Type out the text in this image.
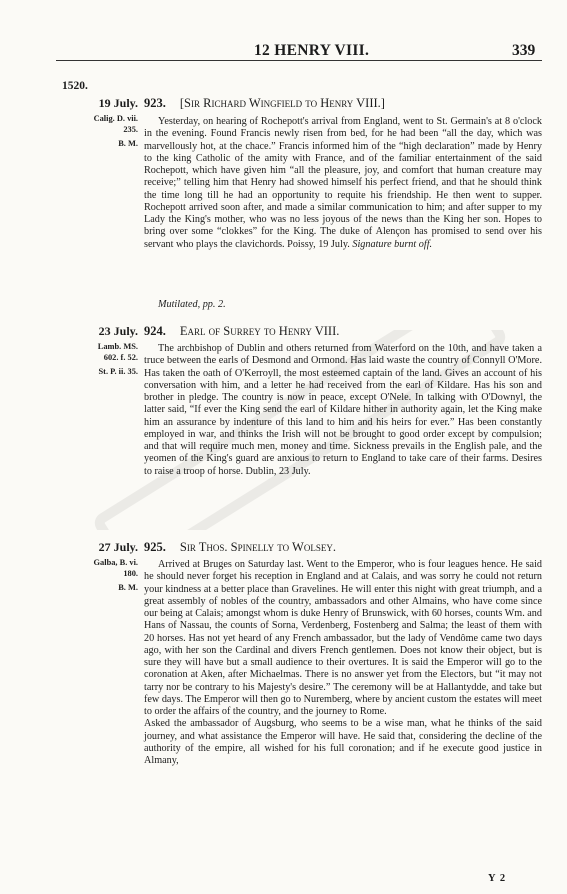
12 HENRY VIII.	339
1520.
19 July.
Calig. D. vii.
235.
B. M.
923. [Sir Richard Wingfield to Henry VIII.]

Yesterday, on hearing of Rochepott's arrival from England, went to St. Germain's at 8 o'clock in the evening. Found Francis newly risen from bed, for he had been “all the day, which was marvellously hot, at the chace.” Francis informed him of the “high declaration” made by Henry to the king Catholic of the amity with France, and of the familiar entertainment of the said Rochepott, which have given him “all the pleasure, joy, and comfort that human creature may receive;” telling him that Henry had showed himself his perfect friend, and that he should think the time long till he had an opportunity to requite his friendship. He then went to supper. Rochepott arrived soon after, and made a similar communication to him; and after supper to my Lady the King's mother, who was no less joyous of the news than the King her son. Hopes to bring over some “clokkes” for the King. The duke of Alençon has promised to send over his servant who plays the clavichords. Poissy, 19 July. Signature burnt off.

Mutilated, pp. 2.
23 July.
Lamb. MS.
602. f. 52.
St. P. ii. 35.
924. Earl of Surrey to Henry VIII.

The archbishop of Dublin and others returned from Waterford on the 10th, and have taken a truce between the earls of Desmond and Ormond. Has laid waste the country of Connyll O'More. Has taken the oath of O'Kerroyll, the most esteemed captain of the land. Gives an account of his conversation with him, and a letter he had received from the earl of Kildare. Has his son and brother in pledge. The country is now in peace, except O'Nele. In talking with O'Downyl, the latter said, “If ever the King send the earl of Kildare hither in authority again, let the King make him an assurance by indenture of this land to him and his heirs for ever.” Has been constantly employed in war, and thinks the Irish will not be brought to good order except by compulsion; and that will require much men, money and time. Sickness prevails in the English pale, and the yeomen of the King's guard are anxious to return to England to take care of their farms. Desires to raise a troop of horse. Dublin, 23 July.

27 July.
Galba, B. vi.
180.
B. M.
925. Sir Thos. Spinelly to Wolsey.

Arrived at Bruges on Saturday last. Went to the Emperor, who is four leagues hence. He said he should never forget his reception in England and at Calais, and was sorry he could not return your kindness at a better place than Gravelines. He will enter this night with great triumph, and a great assembly of nobles of the country, ambassadors and other Almains, who have come since our being at Calais; amongst whom is duke Henry of Brunswick, with 60 horses, counts Wm. and Hans of Nassau, the counts of Sorna, Verdenberg, Fostenberg and Salma; the least of them with 20 horses. Has not yet heard of any French ambassador, but the lady of Vendôme came two days ago, with her son the Cardinal and divers French gentlemen. Does not know their object, but is sure they will have but a small audience to their overtures. It is said the Emperor will go to the coronation at Aken, after Michaelmas. There is no answer yet from the Electors, but “it may not tarry nor be contrary to his Majesty's desire.” The ceremony will be at Hallantydde, and take but few days. The Emperor will then go to Nuremberg, where by ancient custom the estates will meet to order the affairs of the country, and the journey to Rome.

Asked the ambassador of Augsburg, who seems to be a wise man, what he thinks of the said journey, and what assistance the Emperor will have. He said that, considering the decline of the authority of the empire, all wished for his full coronation; and if he execute good justice in Almany,

Y 2
